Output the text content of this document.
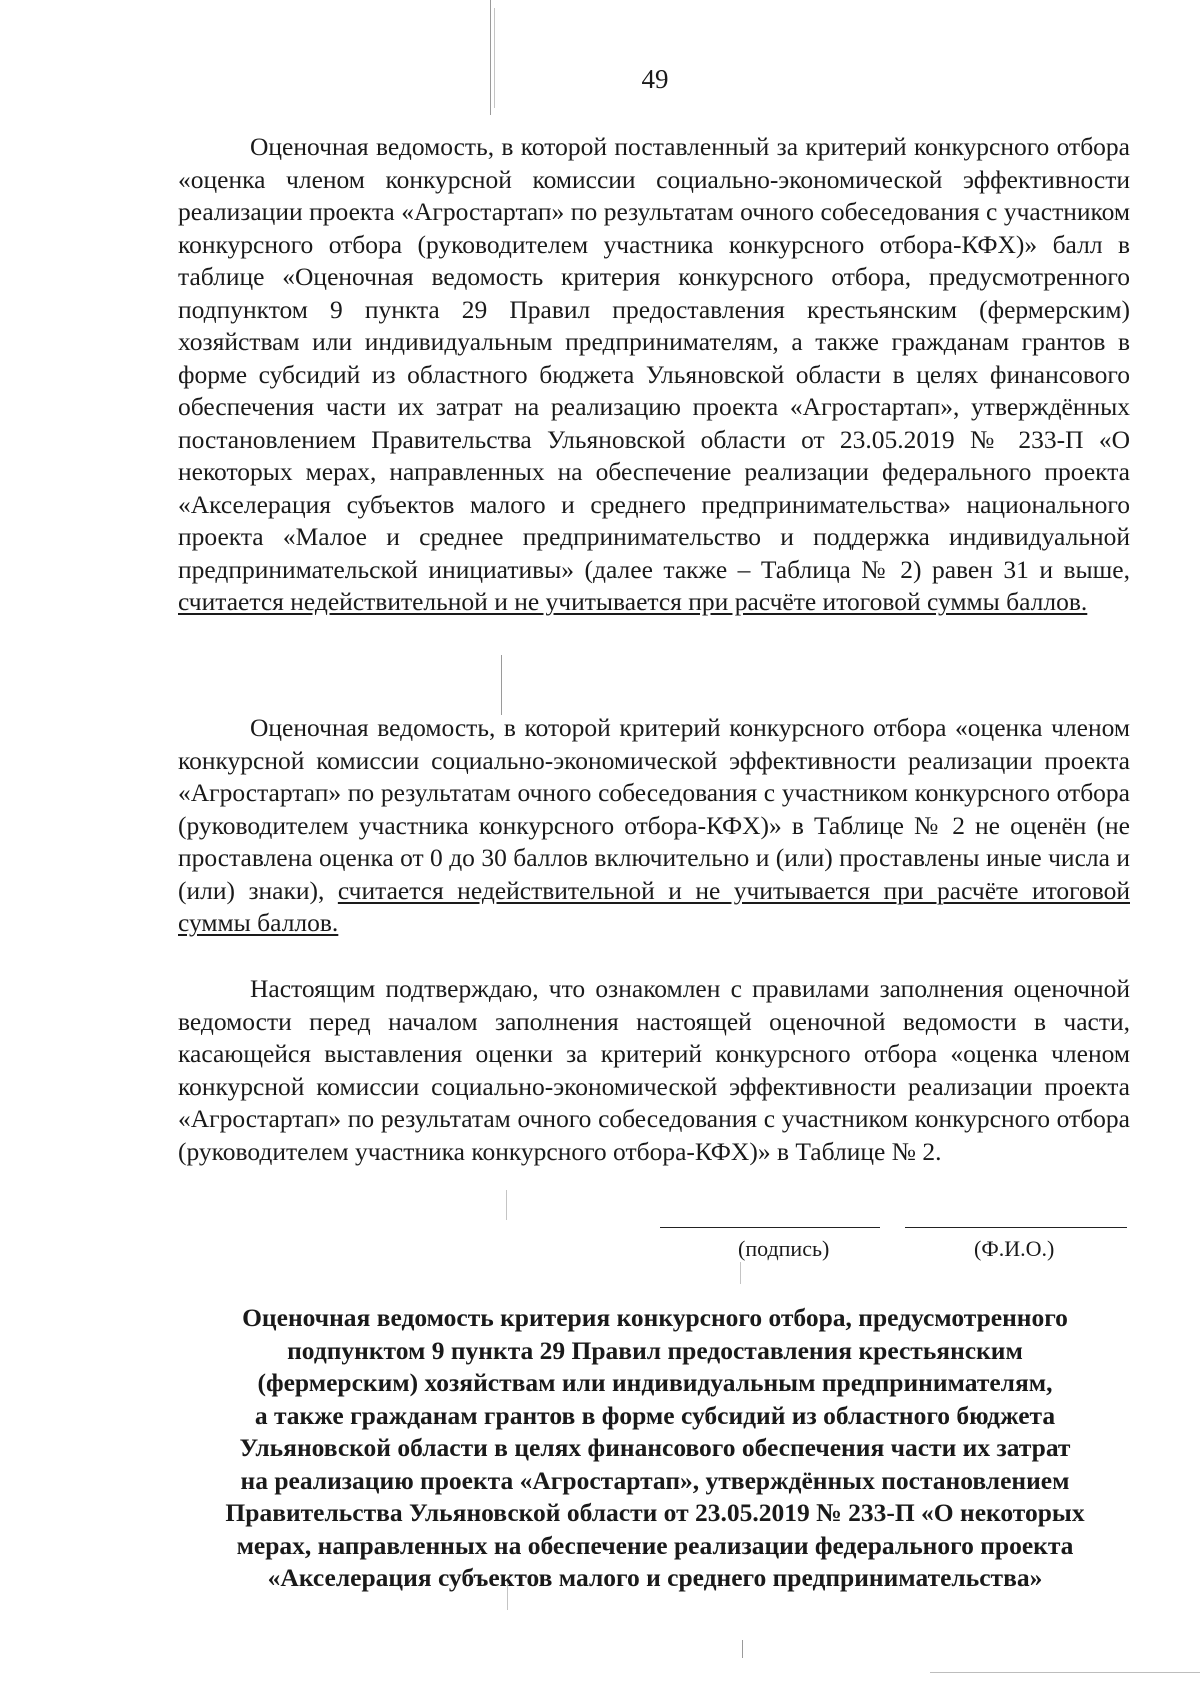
49

Оценочная ведомость, в которой поставленный за критерий конкурсного отбора «оценка членом конкурсной комиссии социально-экономической эффективности реализации проекта «Агростартап» по результатам очного собеседования с участником конкурсного отбора (руководителем участника конкурсного отбора-КФХ)» балл в таблице «Оценочная ведомость критерия конкурсного отбора, предусмотренного подпунктом 9 пункта 29 Правил предоставления крестьянским (фермерским) хозяйствам или индивидуальным предпринимателям, а также гражданам грантов в форме субсидий из областного бюджета Ульяновской области в целях финансового обеспечения части их затрат на реализацию проекта «Агростартап», утверждённых постановлением Правительства Ульяновской области от 23.05.2019 № 233-П «О некоторых мерах, направленных на обеспечение реализации федерального проекта «Акселерация субъектов малого и среднего предпринимательства» национального проекта «Малое и среднее предпринимательство и поддержка индивидуальной предпринимательской инициативы» (далее также – Таблица № 2) равен 31 и выше, считается недействительной и не учитывается при расчёте итоговой суммы баллов.

Оценочная ведомость, в которой критерий конкурсного отбора «оценка членом конкурсной комиссии социально-экономической эффективности реализации проекта «Агростартап» по результатам очного собеседования с участником конкурсного отбора (руководителем участника конкурсного отбора-КФХ)» в Таблице № 2 не оценён (не проставлена оценка от 0 до 30 баллов включительно и (или) проставлены иные числа и (или) знаки), считается недействительной и не учитывается при расчёте итоговой суммы баллов.

Настоящим подтверждаю, что ознакомлен с правилами заполнения оценочной ведомости перед началом заполнения настоящей оценочной ведомости в части, касающейся выставления оценки за критерий конкурсного отбора «оценка членом конкурсной комиссии социально-экономической эффективности реализации проекта «Агростартап» по результатам очного собеседования с участником конкурсного отбора (руководителем участника конкурсного отбора-КФХ)» в Таблице № 2.

(подпись)	(Ф.И.О.)
Оценочная ведомость критерия конкурсного отбора, предусмотренного
подпунктом 9 пункта 29 Правил предоставления крестьянским
(фермерским) хозяйствам или индивидуальным предпринимателям,
а также гражданам грантов в форме субсидий из областного бюджета
Ульяновской области в целях финансового обеспечения части их затрат
на реализацию проекта «Агростартап», утверждённых постановлением
Правительства Ульяновской области от 23.05.2019 № 233-П «О некоторых
мерах, направленных на обеспечение реализации федерального проекта
«Акселерация субъектов малого и среднего предпринимательства»
